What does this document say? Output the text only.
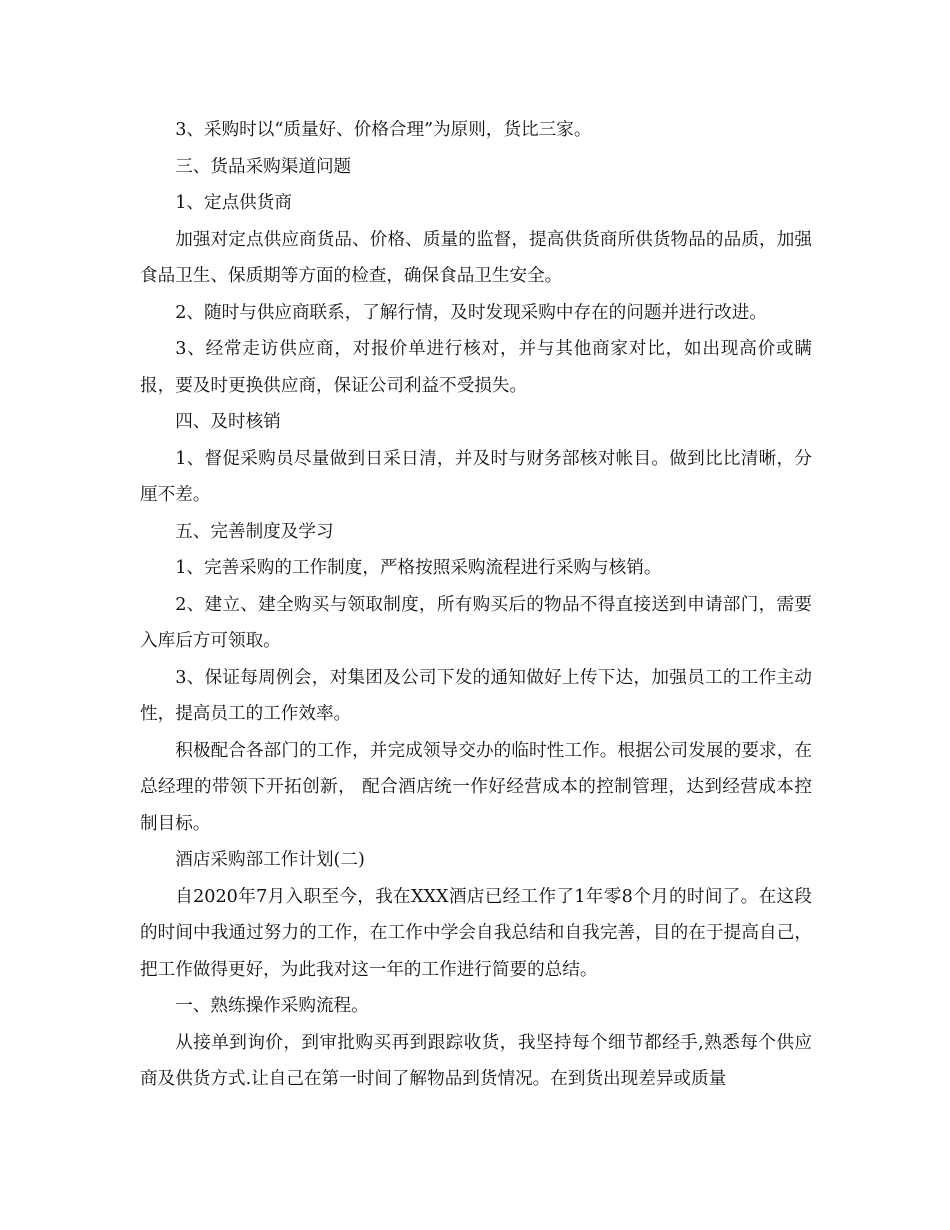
3、采购时以“质量好、价格合理”为原则，货比三家。

三、货品采购渠道问题

1、定点供货商

加强对定点供应商货品、价格、质量的监督，提高供货商所供货物品的品质，加强食品卫生、保质期等方面的检查，确保食品卫生安全。

2、随时与供应商联系，了解行情，及时发现采购中存在的问题并进行改进。

3、经常走访供应商，对报价单进行核对，并与其他商家对比，如出现高价或瞒报，要及时更换供应商，保证公司利益不受损失。

四、及时核销

1、督促采购员尽量做到日采日清，并及时与财务部核对帐目。做到比比清晰，分厘不差。

五、完善制度及学习

1、完善采购的工作制度，严格按照采购流程进行采购与核销。

2、建立、建全购买与领取制度，所有购买后的物品不得直接送到申请部门，需要入库后方可领取。

3、保证每周例会，对集团及公司下发的通知做好上传下达，加强员工的工作主动性，提高员工的工作效率。

积极配合各部门的工作，并完成领导交办的临时性工作。根据公司发展的要求，在总经理的带领下开拓创新， 配合酒店统一作好经营成本的控制管理，达到经营成本控制目标。

酒店采购部工作计划(二)

自2020年7月入职至今，我在XXX酒店已经工作了1年零8个月的时间了。在这段的时间中我通过努力的工作，在工作中学会自我总结和自我完善，目的在于提高自己，把工作做得更好，为此我对这一年的工作进行简要的总结。

一、熟练操作采购流程。

从接单到询价，到审批购买再到跟踪收货，我坚持每个细节都经手,熟悉每个供应商及供货方式.让自己在第一时间了解物品到货情况。在到货出现差异或质量
